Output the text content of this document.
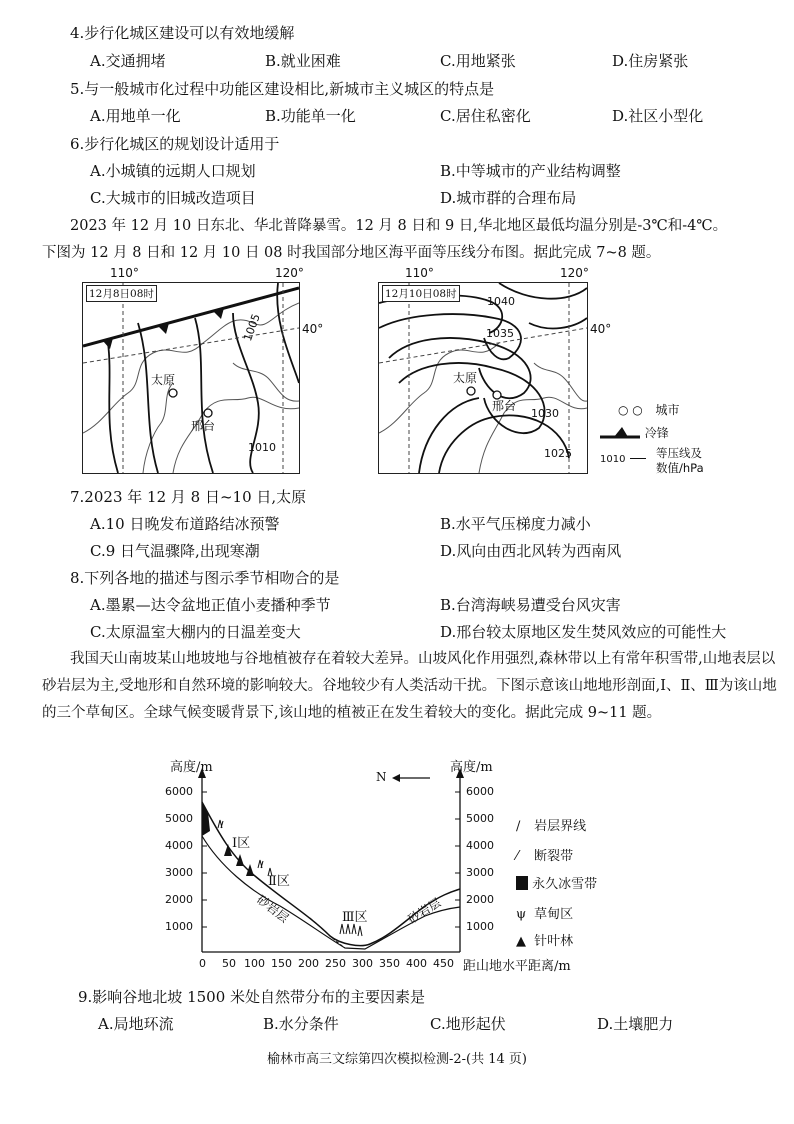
4.步行化城区建设可以有效地缓解
A.交通拥堵	B.就业困难	C.用地紧张	D.住房紧张
5.与一般城市化过程中功能区建设相比,新城市主义城区的特点是
A.用地单一化	B.功能单一化	C.居住私密化	D.社区小型化
6.步行化城区的规划设计适用于
A.小城镇的远期人口规划	B.中等城市的产业结构调整
C.大城市的旧城改造项目	D.城市群的合理布局
2023 年 12 月 10 日东北、华北普降暴雪。12 月 8 日和 9 日,华北地区最低均温分别是-3℃和-4℃。
下图为 12 月 8 日和 12 月 10 日 08 时我国部分地区海平面等压线分布图。据此完成 7~8 题。
110°	120°
40°
12月8日08时
太原
邢台
1005
1010
110°	120°
40°
12月10日08时
太原
邢台
1040
1035
1030
1025
○ ○ 城市
冷锋
1010	等压线及
数值/hPa
7.2023 年 12 月 8 日~10 日,太原
A.10 日晚发布道路结冰预警	B.水平气压梯度力减小
C.9 日气温骤降,出现寒潮	D.风向由西北风转为西南风
8.下列各地的描述与图示季节相吻合的是
A.墨累—达令盆地正值小麦播种季节	B.台湾海峡易遭受台风灾害
C.太原温室大棚内的日温差变大	D.邢台较太原地区发生焚风效应的可能性大
我国天山南坡某山地坡地与谷地植被存在着较大差异。山坡风化作用强烈,森林带以上有常年积雪带,山地表层以砂岩层为主,受地形和自然环境的影响较大。谷地较少有人类活动干扰。下图示意该山地地形剖面,Ⅰ、Ⅱ、Ⅲ为该山地的三个草甸区。全球气候变暖背景下,该山地的植被正在发生着较大的变化。据此完成 9~11 题。
高度/m	高度/m
N
6000
5000
4000
3000
2000
1000
6000
5000
4000
3000
2000
1000
0 50 100 150 200 250 300 350 400 450 距山地水平距离/m
Ⅰ区
Ⅱ区
Ⅲ区
砂岩层	砂岩层
/ 岩层界线
⁄ 断裂带
永久冰雪带
ψ 草甸区
▲ 针叶林
9.影响谷地北坡 1500 米处自然带分布的主要因素是
A.局地环流	B.水分条件	C.地形起伏	D.土壤肥力
榆林市高三文综第四次模拟检测-2-(共 14 页)
